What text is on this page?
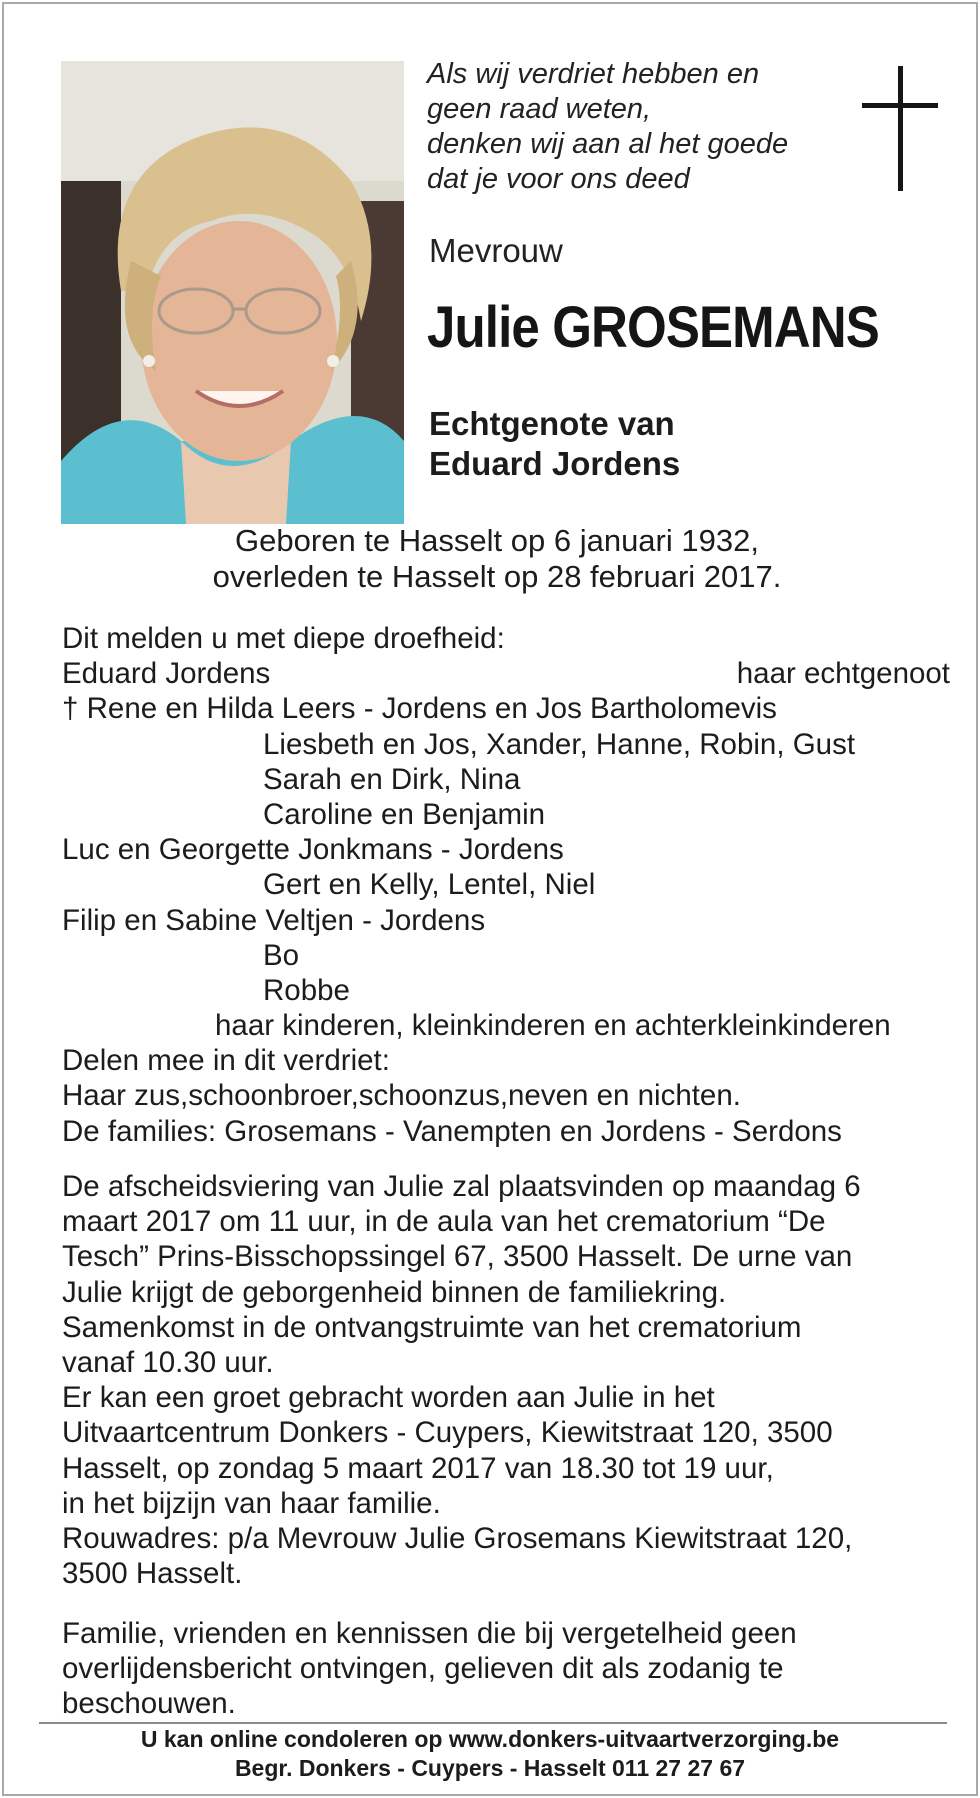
Als wij verdriet hebben en
geen raad weten,
denken wij aan al het goede
dat je voor ons deed
Mevrouw
Julie GROSEMANS
Echtgenote van
Eduard Jordens
Geboren te Hasselt op 6 januari 1932,
overleden te Hasselt op 28 februari 2017.
Dit melden u met diepe droefheid:
Eduard Jordens	haar echtgenoot
† Rene en Hilda Leers - Jordens en Jos Bartholomevis
Liesbeth en Jos, Xander, Hanne, Robin, Gust
Sarah en Dirk, Nina
Caroline en Benjamin
Luc en Georgette Jonkmans - Jordens
Gert en Kelly, Lentel, Niel
Filip en Sabine Veltjen - Jordens
Bo
Robbe
haar kinderen, kleinkinderen en achterkleinkinderen
Delen mee in dit verdriet:
Haar zus,schoonbroer,schoonzus,neven en nichten.
De families: Grosemans - Vanempten en Jordens - Serdons
De afscheidsviering van Julie zal plaatsvinden op maandag 6
maart 2017 om 11 uur, in de aula van het crematorium “De
Tesch” Prins-Bisschopssingel 67, 3500 Hasselt. De urne van
Julie krijgt de geborgenheid binnen de familiekring.
Samenkomst in de ontvangstruimte van het crematorium
vanaf 10.30 uur.
Er kan een groet gebracht worden aan Julie in het
Uitvaartcentrum Donkers - Cuypers, Kiewitstraat 120, 3500
Hasselt, op zondag 5 maart 2017 van 18.30 tot 19 uur,
in het bijzijn van haar familie.
Rouwadres: p/a Mevrouw Julie Grosemans Kiewitstraat 120,
3500 Hasselt.
Familie, vrienden en kennissen die bij vergetelheid geen
overlijdensbericht ontvingen, gelieven dit als zodanig te
beschouwen.
U kan online condoleren op www.donkers-uitvaartverzorging.be
Begr. Donkers - Cuypers - Hasselt 011 27 27 67
